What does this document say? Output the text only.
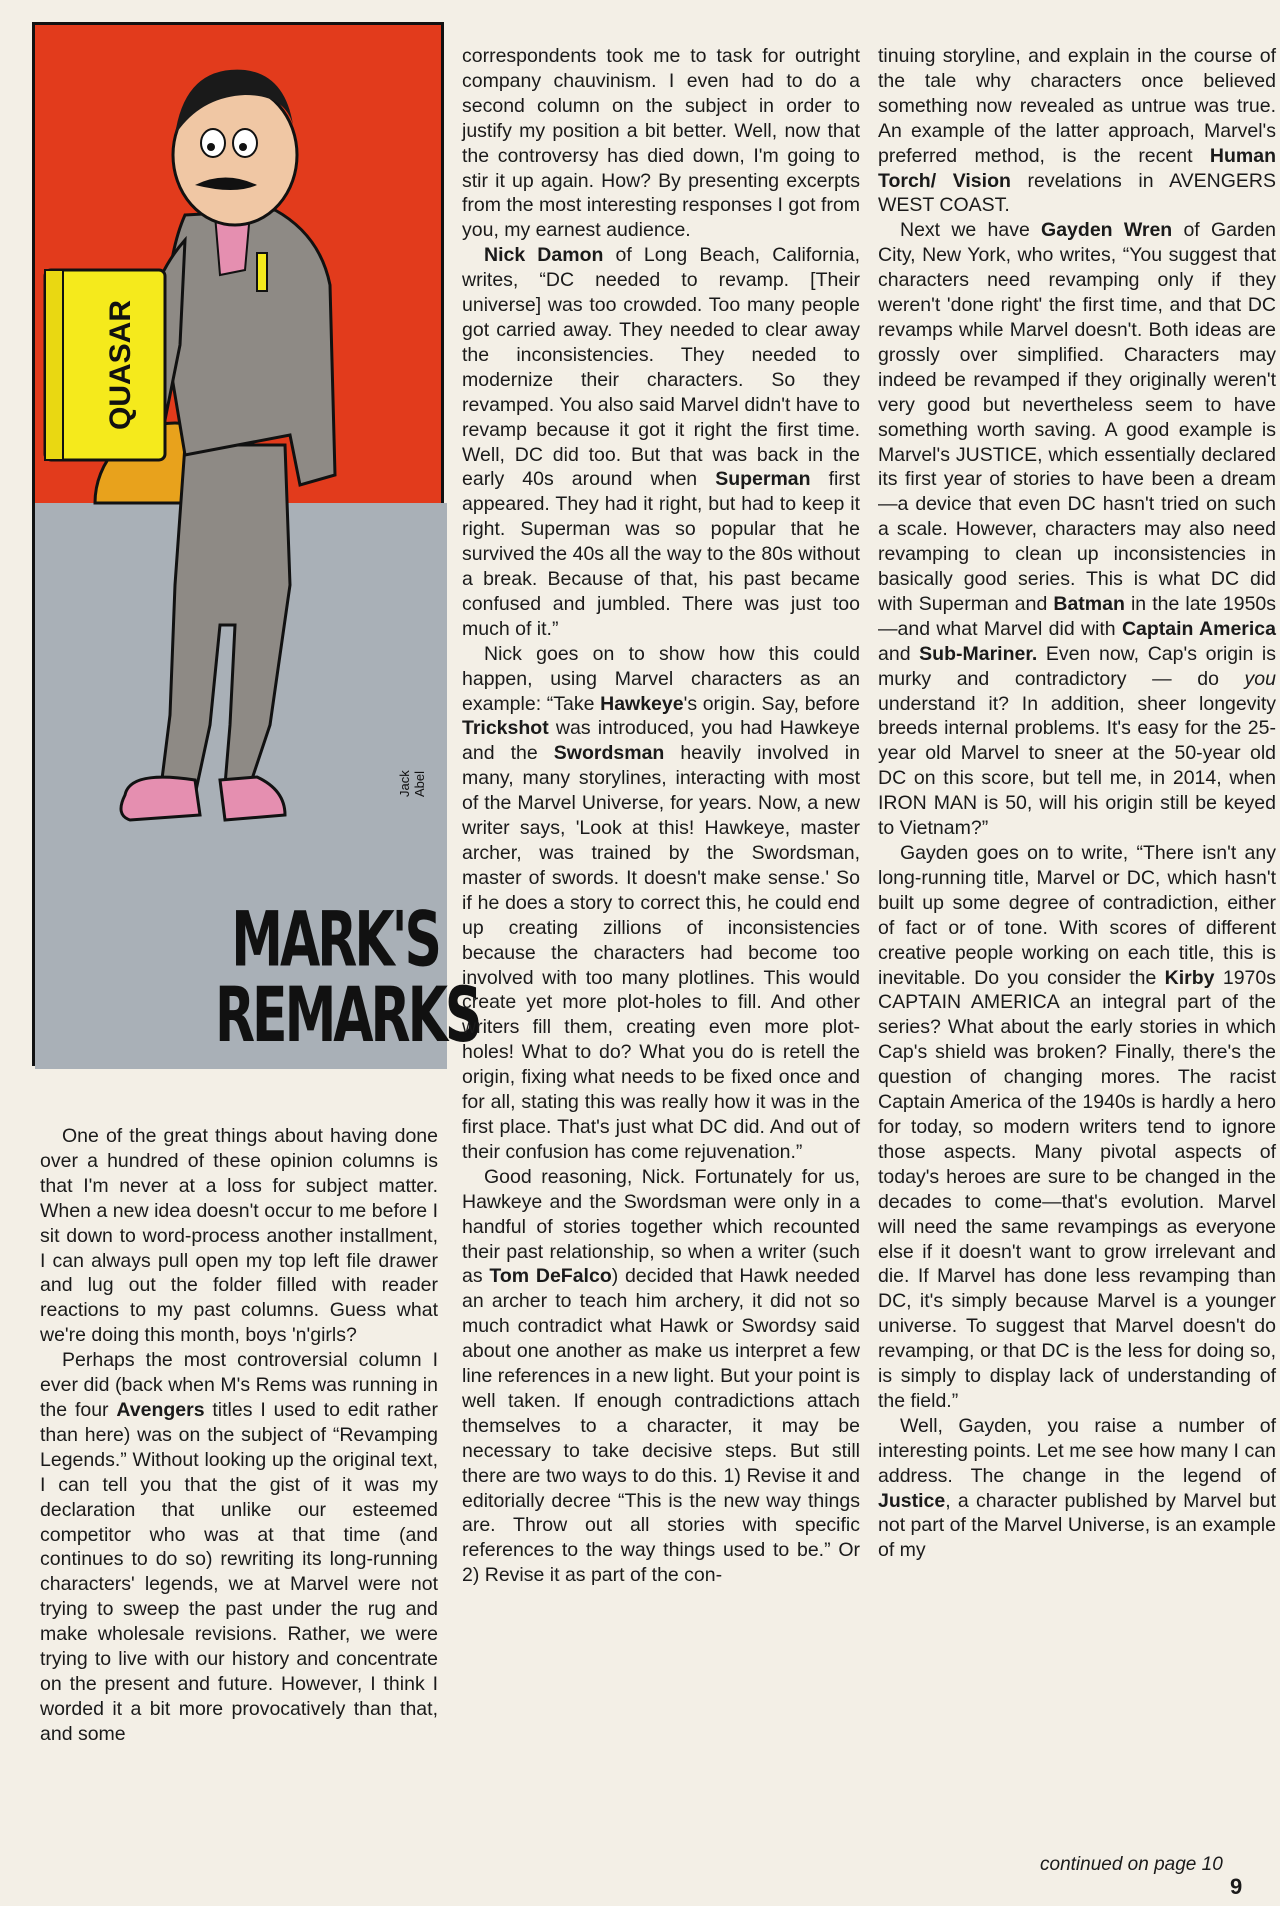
QUASAR
Jack Abel
MARK'S
REMARKS

One of the great things about having done over a hundred of these opinion columns is that I'm never at a loss for subject matter. When a new idea doesn't occur to me before I sit down to word-process another installment, I can always pull open my top left file drawer and lug out the folder filled with reader reactions to my past columns. Guess what we're doing this month, boys 'n'girls?

Perhaps the most controversial column I ever did (back when M's Rems was running in the four Avengers titles I used to edit rather than here) was on the subject of “Revamping Legends.” Without looking up the original text, I can tell you that the gist of it was my declaration that unlike our esteemed competitor who was at that time (and continues to do so) rewriting its long-running characters' legends, we at Marvel were not trying to sweep the past under the rug and make wholesale revisions. Rather, we were trying to live with our history and concentrate on the present and future. However, I think I worded it a bit more provocatively than that, and some

correspondents took me to task for outright company chauvinism. I even had to do a second column on the subject in order to justify my position a bit better. Well, now that the controversy has died down, I'm going to stir it up again. How? By presenting excerpts from the most interesting responses I got from you, my earnest audience.

Nick Damon of Long Beach, California, writes, “DC needed to revamp. [Their universe] was too crowded. Too many people got carried away. They needed to clear away the inconsistencies. They needed to modernize their characters. So they revamped. You also said Marvel didn't have to revamp because it got it right the first time. Well, DC did too. But that was back in the early 40s around when Superman first appeared. They had it right, but had to keep it right. Superman was so popular that he survived the 40s all the way to the 80s without a break. Because of that, his past became confused and jumbled. There was just too much of it.”

Nick goes on to show how this could happen, using Marvel characters as an example: “Take Hawkeye's origin. Say, before Trickshot was introduced, you had Hawkeye and the Swordsman heavily involved in many, many storylines, interacting with most of the Marvel Universe, for years. Now, a new writer says, 'Look at this! Hawkeye, master archer, was trained by the Swordsman, master of swords. It doesn't make sense.' So if he does a story to correct this, he could end up creating zillions of inconsistencies because the characters had become too involved with too many plotlines. This would create yet more plot-holes to fill. And other writers fill them, creating even more plot-holes! What to do? What you do is retell the origin, fixing what needs to be fixed once and for all, stating this was really how it was in the first place. That's just what DC did. And out of their confusion has come rejuvenation.”

Good reasoning, Nick. Fortunately for us, Hawkeye and the Swordsman were only in a handful of stories together which recounted their past relationship, so when a writer (such as Tom DeFalco) decided that Hawk needed an archer to teach him archery, it did not so much contradict what Hawk or Swordsy said about one another as make us interpret a few line references in a new light. But your point is well taken. If enough contradictions attach themselves to a character, it may be necessary to take decisive steps. But still there are two ways to do this. 1) Revise it and editorially decree “This is the new way things are. Throw out all stories with specific references to the way things used to be.” Or 2) Revise it as part of the con-

tinuing storyline, and explain in the course of the tale why characters once believed something now revealed as untrue was true. An example of the latter approach, Marvel's preferred method, is the recent Human Torch/ Vision revelations in AVENGERS WEST COAST.

Next we have Gayden Wren of Garden City, New York, who writes, “You suggest that characters need revamping only if they weren't 'done right' the first time, and that DC revamps while Marvel doesn't. Both ideas are grossly over simplified. Characters may indeed be revamped if they originally weren't very good but nevertheless seem to have something worth saving. A good example is Marvel's JUSTICE, which essentially declared its first year of stories to have been a dream—a device that even DC hasn't tried on such a scale. However, characters may also need revamping to clean up inconsistencies in basically good series. This is what DC did with Superman and Batman in the late 1950s—and what Marvel did with Captain America and Sub-Mariner. Even now, Cap's origin is murky and contradictory — do you understand it? In addition, sheer longevity breeds internal problems. It's easy for the 25-year old Marvel to sneer at the 50-year old DC on this score, but tell me, in 2014, when IRON MAN is 50, will his origin still be keyed to Vietnam?”

Gayden goes on to write, “There isn't any long-running title, Marvel or DC, which hasn't built up some degree of contradiction, either of fact or of tone. With scores of different creative people working on each title, this is inevitable. Do you consider the Kirby 1970s CAPTAIN AMERICA an integral part of the series? What about the early stories in which Cap's shield was broken? Finally, there's the question of changing mores. The racist Captain America of the 1940s is hardly a hero for today, so modern writers tend to ignore those aspects. Many pivotal aspects of today's heroes are sure to be changed in the decades to come—that's evolution. Marvel will need the same revampings as everyone else if it doesn't want to grow irrelevant and die. If Marvel has done less revamping than DC, it's simply because Marvel is a younger universe. To suggest that Marvel doesn't do revamping, or that DC is the less for doing so, is simply to display lack of understanding of the field.”

Well, Gayden, you raise a number of interesting points. Let me see how many I can address. The change in the legend of Justice, a character published by Marvel but not part of the Marvel Universe, is an example of my

continued on page 10
9
